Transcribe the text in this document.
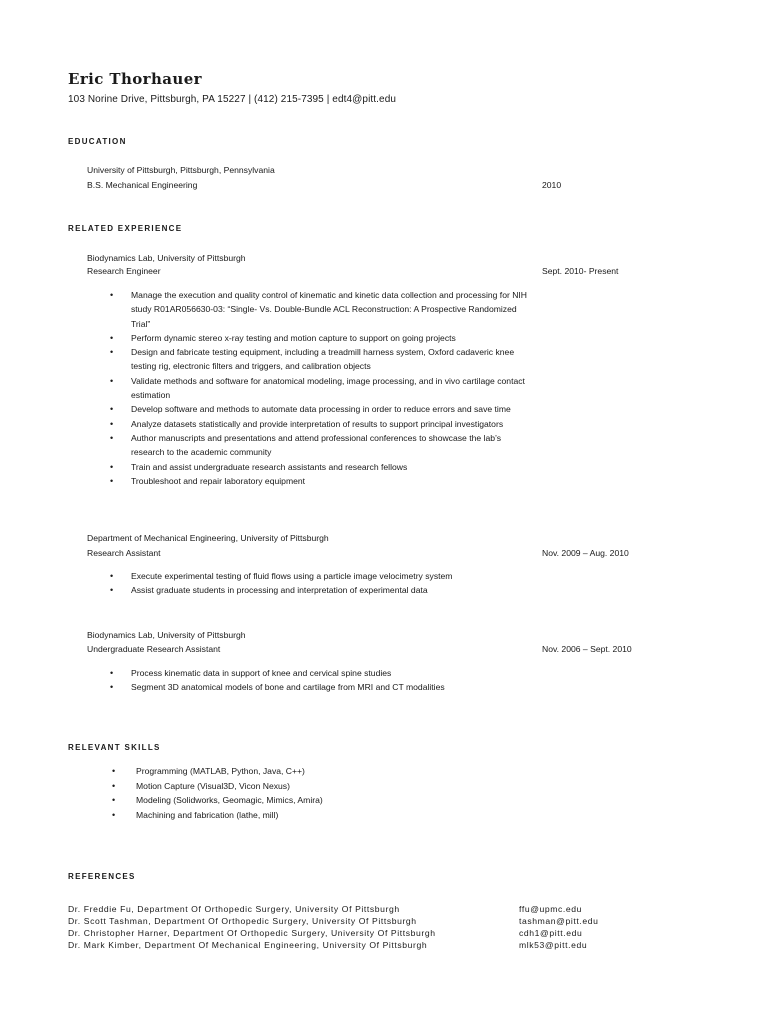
Eric Thorhauer
103 Norine Drive, Pittsburgh, PA 15227 | (412) 215-7395 | edt4@pitt.edu
EDUCATION
University of Pittsburgh, Pittsburgh, Pennsylvania
B.S. Mechanical Engineering	2010
RELATED EXPERIENCE
Biodynamics Lab, University of Pittsburgh
Research Engineer	Sept. 2010- Present
• Manage the execution and quality control of kinematic and kinetic data collection and processing for NIH study R01AR056630-03: “Single- Vs. Double-Bundle ACL Reconstruction: A Prospective Randomized Trial”
• Perform dynamic stereo x-ray testing and motion capture to support on going projects
• Design and fabricate testing equipment, including a treadmill harness system, Oxford cadaveric knee testing rig, electronic filters and triggers, and calibration objects
• Validate methods and software for anatomical modeling, image processing, and in vivo cartilage contact estimation
• Develop software and methods to automate data processing in order to reduce errors and save time
• Analyze datasets statistically and provide interpretation of results to support principal investigators
• Author manuscripts and presentations and attend professional conferences to showcase the lab’s research to the academic community
• Train and assist undergraduate research assistants and research fellows
• Troubleshoot and repair laboratory equipment
Department of Mechanical Engineering, University of Pittsburgh
Research Assistant	Nov. 2009 – Aug. 2010
• Execute experimental testing of fluid flows using a particle image velocimetry system
• Assist graduate students in processing and interpretation of experimental data
Biodynamics Lab, University of Pittsburgh
Undergraduate Research Assistant	Nov. 2006 – Sept. 2010
• Process kinematic data in support of knee and cervical spine studies
• Segment 3D anatomical models of bone and cartilage from MRI and CT modalities
RELEVANT SKILLS
• Programming (MATLAB, Python, Java, C++)
• Motion Capture (Visual3D, Vicon Nexus)
• Modeling (Solidworks, Geomagic, Mimics, Amira)
• Machining and fabrication (lathe, mill)
REFERENCES
Dr. Freddie Fu, Department Of Orthopedic Surgery, University Of Pittsburgh	ffu@upmc.edu
Dr. Scott Tashman, Department Of Orthopedic Surgery, University Of Pittsburgh	tashman@pitt.edu
Dr. Christopher Harner, Department Of Orthopedic Surgery, University Of Pittsburgh	cdh1@pitt.edu
Dr. Mark Kimber, Department Of Mechanical Engineering, University Of Pittsburgh	mlk53@pitt.edu
